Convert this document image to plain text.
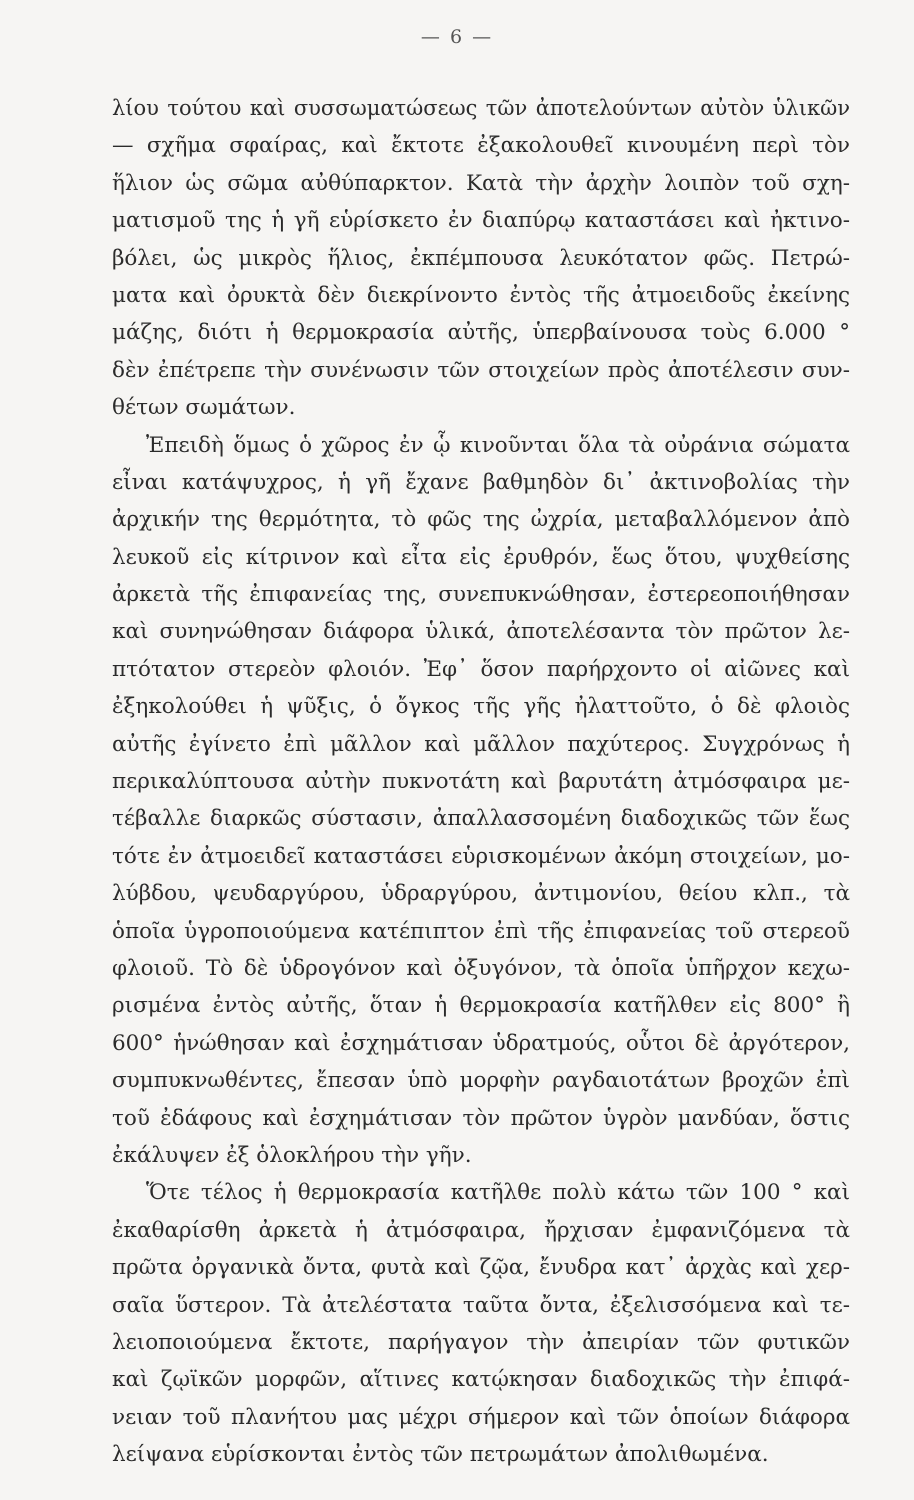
— 6 —
λίου τούτου καὶ συσσωματώσεως τῶν ἀποτελούντων αὐτὸν ὑλικῶν
— σχῆμα σφαίρας, καὶ ἔκτοτε ἐξακολουθεῖ κινουμένη περὶ τὸν
ἥλιον ὡς σῶμα αὐθύπαρκτον. Κατὰ τὴν ἀρχὴν λοιπὸν τοῦ σχη-
ματισμοῦ της ἡ γῆ εὑρίσκετο ἐν διαπύρῳ καταστάσει καὶ ἠκτινο-
βόλει, ὡς μικρὸς ἥλιος, ἐκπέμπουσα λευκότατον φῶς. Πετρώ-
ματα καὶ ὀρυκτὰ δὲν διεκρίνοντο ἐντὸς τῆς ἀτμοειδοῦς ἐκείνης
μάζης, διότι ἡ θερμοκρασία αὐτῆς, ὑπερβαίνουσα τοὺς 6.000 °
δὲν ἐπέτρεπε τὴν συνένωσιν τῶν στοιχείων πρὸς ἀποτέλεσιν συν-
θέτων σωμάτων.
Ἐπειδὴ ὅμως ὁ χῶρος ἐν ᾧ κινοῦνται ὅλα τὰ οὐράνια σώματα
εἶναι κατάψυχρος, ἡ γῆ ἔχανε βαθμηδὸν δι᾽ ἀκτινοβολίας τὴν
ἀρχικήν της θερμότητα, τὸ φῶς της ὠχρία, μεταβαλλόμενον ἀπὸ
λευκοῦ εἰς κίτρινον καὶ εἶτα εἰς ἐρυθρόν, ἕως ὅτου, ψυχθείσης
ἀρκετὰ τῆς ἐπιφανείας της, συνεπυκνώθησαν, ἐστερεοποιήθησαν
καὶ συνηνώθησαν διάφορα ὑλικά, ἀποτελέσαντα τὸν πρῶτον λε-
πτότατον στερεὸν φλοιόν. Ἐφ᾽ ὅσον παρήρχοντο οἱ αἰῶνες καὶ
ἐξηκολούθει ἡ ψῦξις, ὁ ὄγκος τῆς γῆς ἠλαττοῦτο, ὁ δὲ φλοιὸς
αὐτῆς ἐγίνετο ἐπὶ μᾶλλον καὶ μᾶλλον παχύτερος. Συγχρόνως ἡ
περικαλύπτουσα αὐτὴν πυκνοτάτη καὶ βαρυτάτη ἀτμόσφαιρα με-
τέβαλλε διαρκῶς σύστασιν, ἀπαλλασσομένη διαδοχικῶς τῶν ἕως
τότε ἐν ἀτμοειδεῖ καταστάσει εὑρισκομένων ἀκόμη στοιχείων, μο-
λύβδου, ψευδαργύρου, ὑδραργύρου, ἀντιμονίου, θείου κλπ., τὰ
ὁποῖα ὑγροποιούμενα κατέπιπτον ἐπὶ τῆς ἐπιφανείας τοῦ στερεοῦ
φλοιοῦ. Τὸ δὲ ὑδρογόνον καὶ ὀξυγόνον, τὰ ὁποῖα ὑπῆρχον κεχω-
ρισμένα ἐντὸς αὐτῆς, ὅταν ἡ θερμοκρασία κατῆλθεν εἰς 800° ἢ
600° ἡνώθησαν καὶ ἐσχημάτισαν ὑδρατμούς, οὗτοι δὲ ἀργότερον,
συμπυκνωθέντες, ἔπεσαν ὑπὸ μορφὴν ραγδαιοτάτων βροχῶν ἐπὶ
τοῦ ἐδάφους καὶ ἐσχημάτισαν τὸν πρῶτον ὑγρὸν μανδύαν, ὅστις
ἐκάλυψεν ἐξ ὁλοκλήρου τὴν γῆν.
Ὅτε τέλος ἡ θερμοκρασία κατῆλθε πολὺ κάτω τῶν 100 ° καὶ
ἐκαθαρίσθη ἀρκετὰ ἡ ἀτμόσφαιρα, ἤρχισαν ἐμφανιζόμενα τὰ
πρῶτα ὀργανικὰ ὄντα, φυτὰ καὶ ζῷα, ἔνυδρα κατ᾽ ἀρχὰς καὶ χερ-
σαῖα ὕστερον. Τὰ ἀτελέστατα ταῦτα ὄντα, ἐξελισσόμενα καὶ τε-
λειοποιούμενα ἔκτοτε, παρήγαγον τὴν ἀπειρίαν τῶν φυτικῶν
καὶ ζῳϊκῶν μορφῶν, αἵτινες κατῴκησαν διαδοχικῶς τὴν ἐπιφά-
νειαν τοῦ πλανήτου μας μέχρι σήμερον καὶ τῶν ὁποίων διάφορα
λείψανα εὑρίσκονται ἐντὸς τῶν πετρωμάτων ἀπολιθωμένα.
